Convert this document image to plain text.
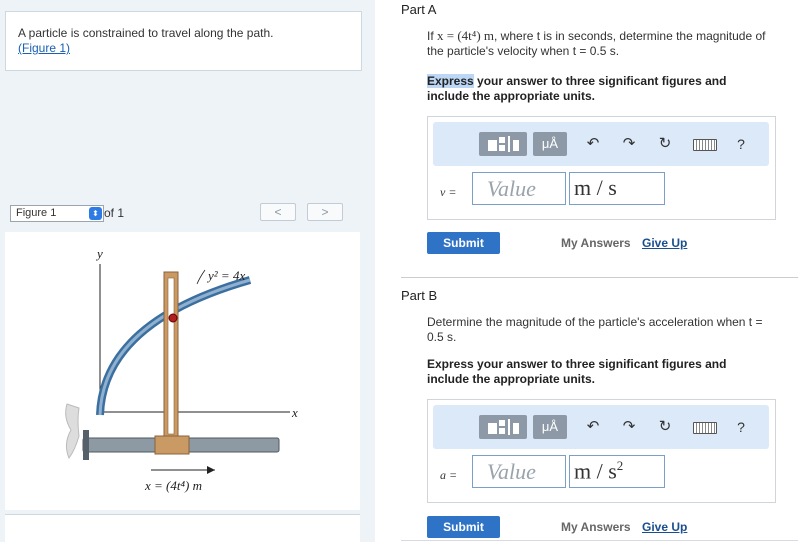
A particle is constrained to travel along the path.
(Figure 1)
Figure 1	⬍ of 1	<	>
y
x
y² = 4x
x = (4t⁴) m
Part A
If x = (4t⁴) m, where t is in seconds, determine the magnitude of the particle's velocity when t = 0.5 s.
Express your answer to three significant figures and include the appropriate units.
μÅ	↶ ↷ ↻	?
v =	Value	m / s
Submit	My Answers Give Up
Part B
Determine the magnitude of the particle's acceleration when t = 0.5 s.
Express your answer to three significant figures and include the appropriate units.
μÅ	↶ ↷ ↻	?
a =	Value	m / $s^2$
Submit	My Answers Give Up
